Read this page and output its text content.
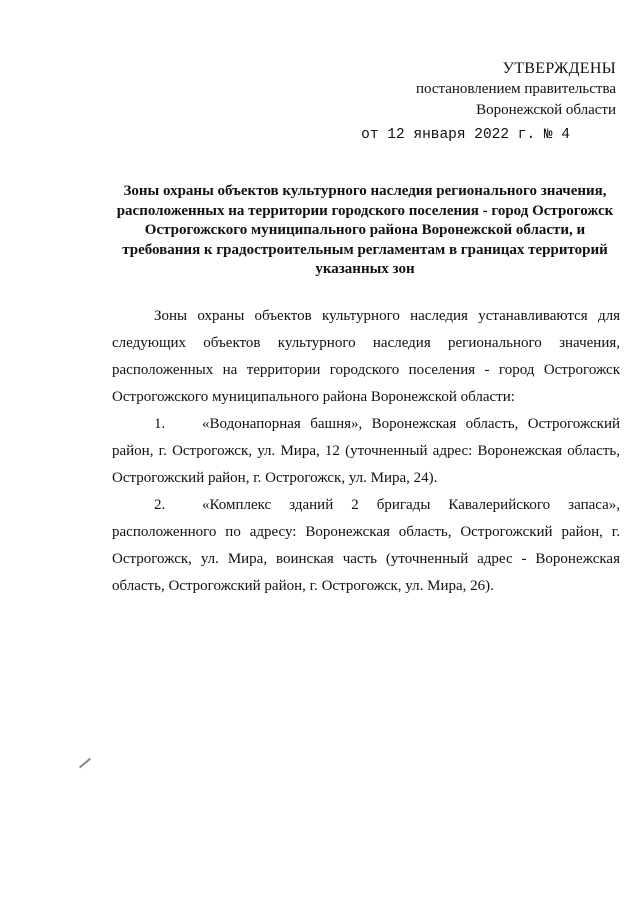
УТВЕРЖДЕНЫ
постановлением правительства
Воронежской области
от 12 января 2022 г. № 4
Зоны охраны объектов культурного наследия регионального значения, расположенных на территории городского поселения - город Острогожск Острогожского муниципального района Воронежской области, и требования к градостроительным регламентам в границах территорий указанных зон

Зоны охраны объектов культурного наследия устанавливаются для следующих объектов культурного наследия регионального значения, расположенных на территории городского поселения - город Острогожск Острогожского муниципального района Воронежской области:

1. «Водонапорная башня», Воронежская область, Острогожский район, г. Острогожск, ул. Мира, 12 (уточненный адрес: Воронежская область, Острогожский район, г. Острогожск, ул. Мира, 24).

2. «Комплекс зданий 2 бригады Кавалерийского запаса», расположенного по адресу: Воронежская область, Острогожский район, г. Острогожск, ул. Мира, воинская часть (уточненный адрес - Воронежская область, Острогожский район, г. Острогожск, ул. Мира, 26).
